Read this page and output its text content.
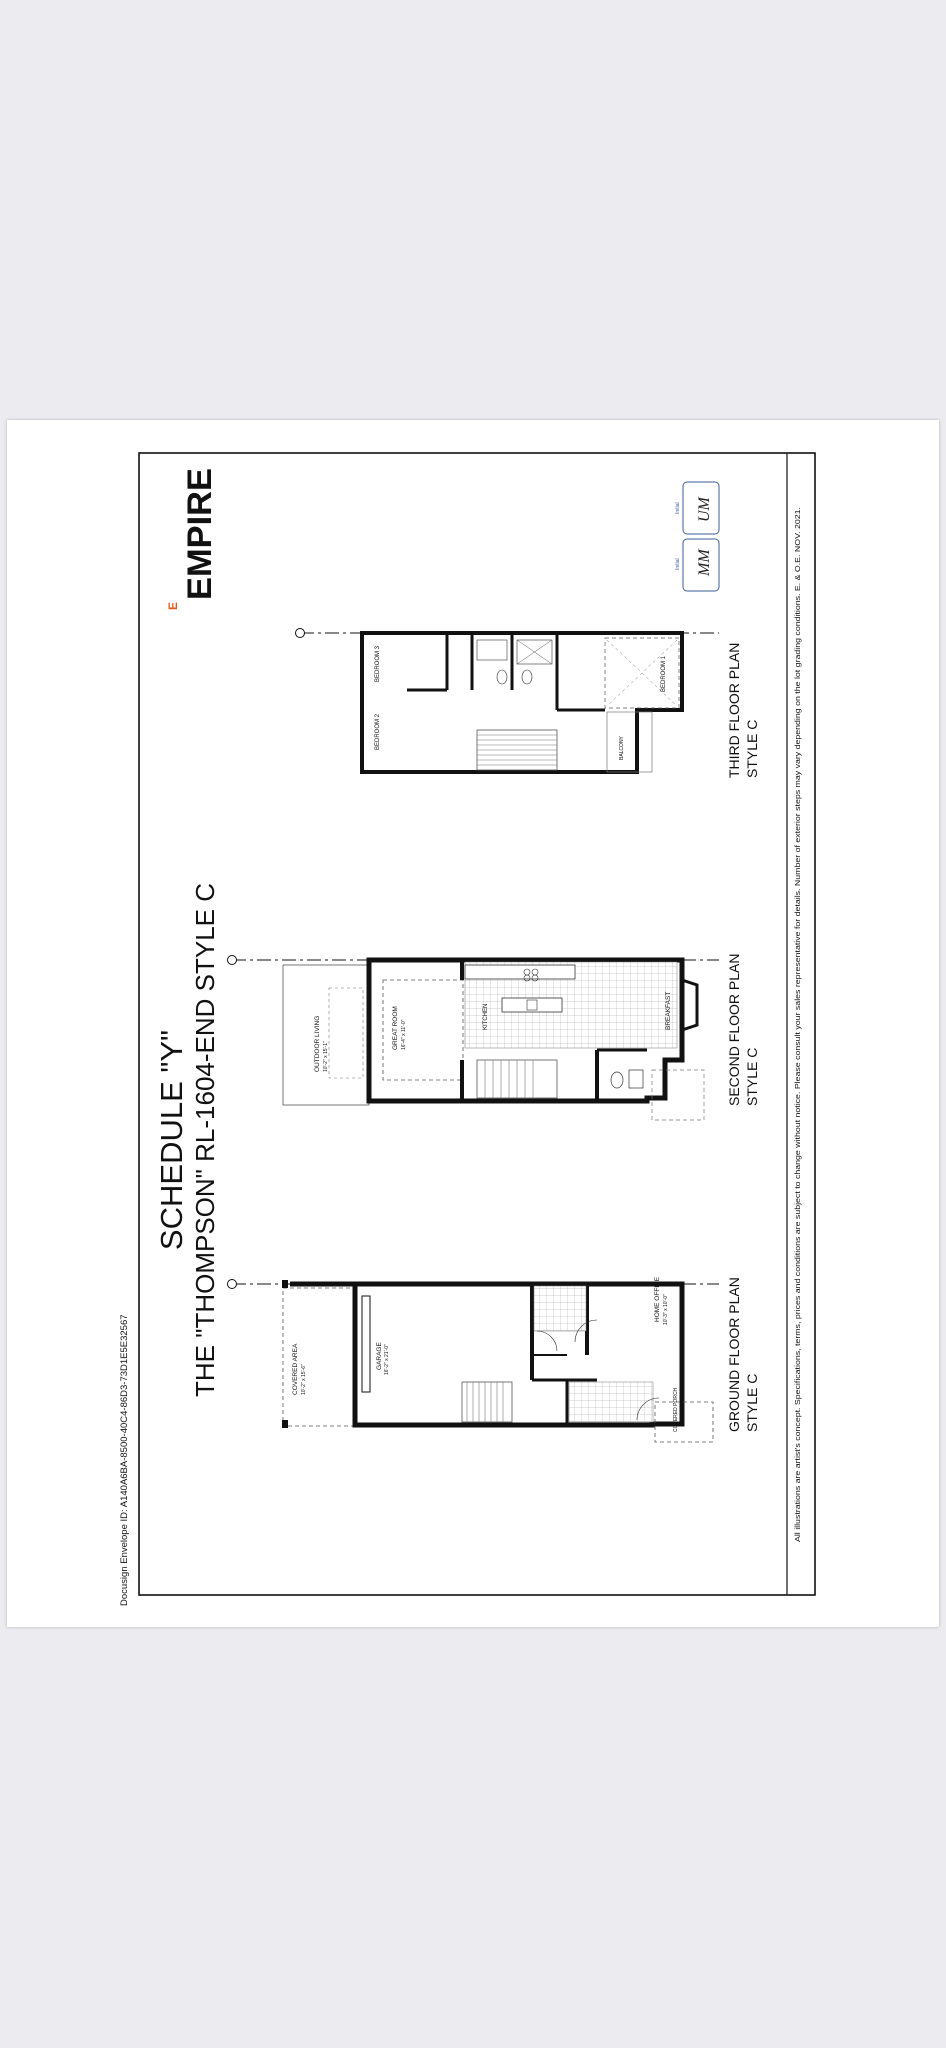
Docusign Envelope ID: A140A6BA-8500-40C4-86D3-73D1E5E32567
SCHEDULE "Y" THE "THOMPSON" RL-1604-END STYLE C
EMPIRE
E
Initial MM
Initial UM
All illustrations are artist's concept. Specifications, terms, prices and conditions are subject to change without notice. Please consult your sales representative for details. Number of exterior steps may vary depending on the lot grading conditions. E. & O.E. NOV. 2021.
COVERED AREA 10'-2" x 15'-6"
GARAGE 16'-2" x 21'-0"
HOME OFFICE 10'-3" x 10'-0"
COVERED PORCH	GROUND FLOOR PLAN STYLE C
OUTDOOR LIVING 10'-2" x 15'-1"
GREAT ROOM 16'-4" x 11'-0"
KITCHEN	BREAKFAST	SECOND FLOOR PLAN STYLE C
BEDROOM 3
BEDROOM 2
BEDROOM 1
BALCONY	THIRD FLOOR PLAN STYLE C
